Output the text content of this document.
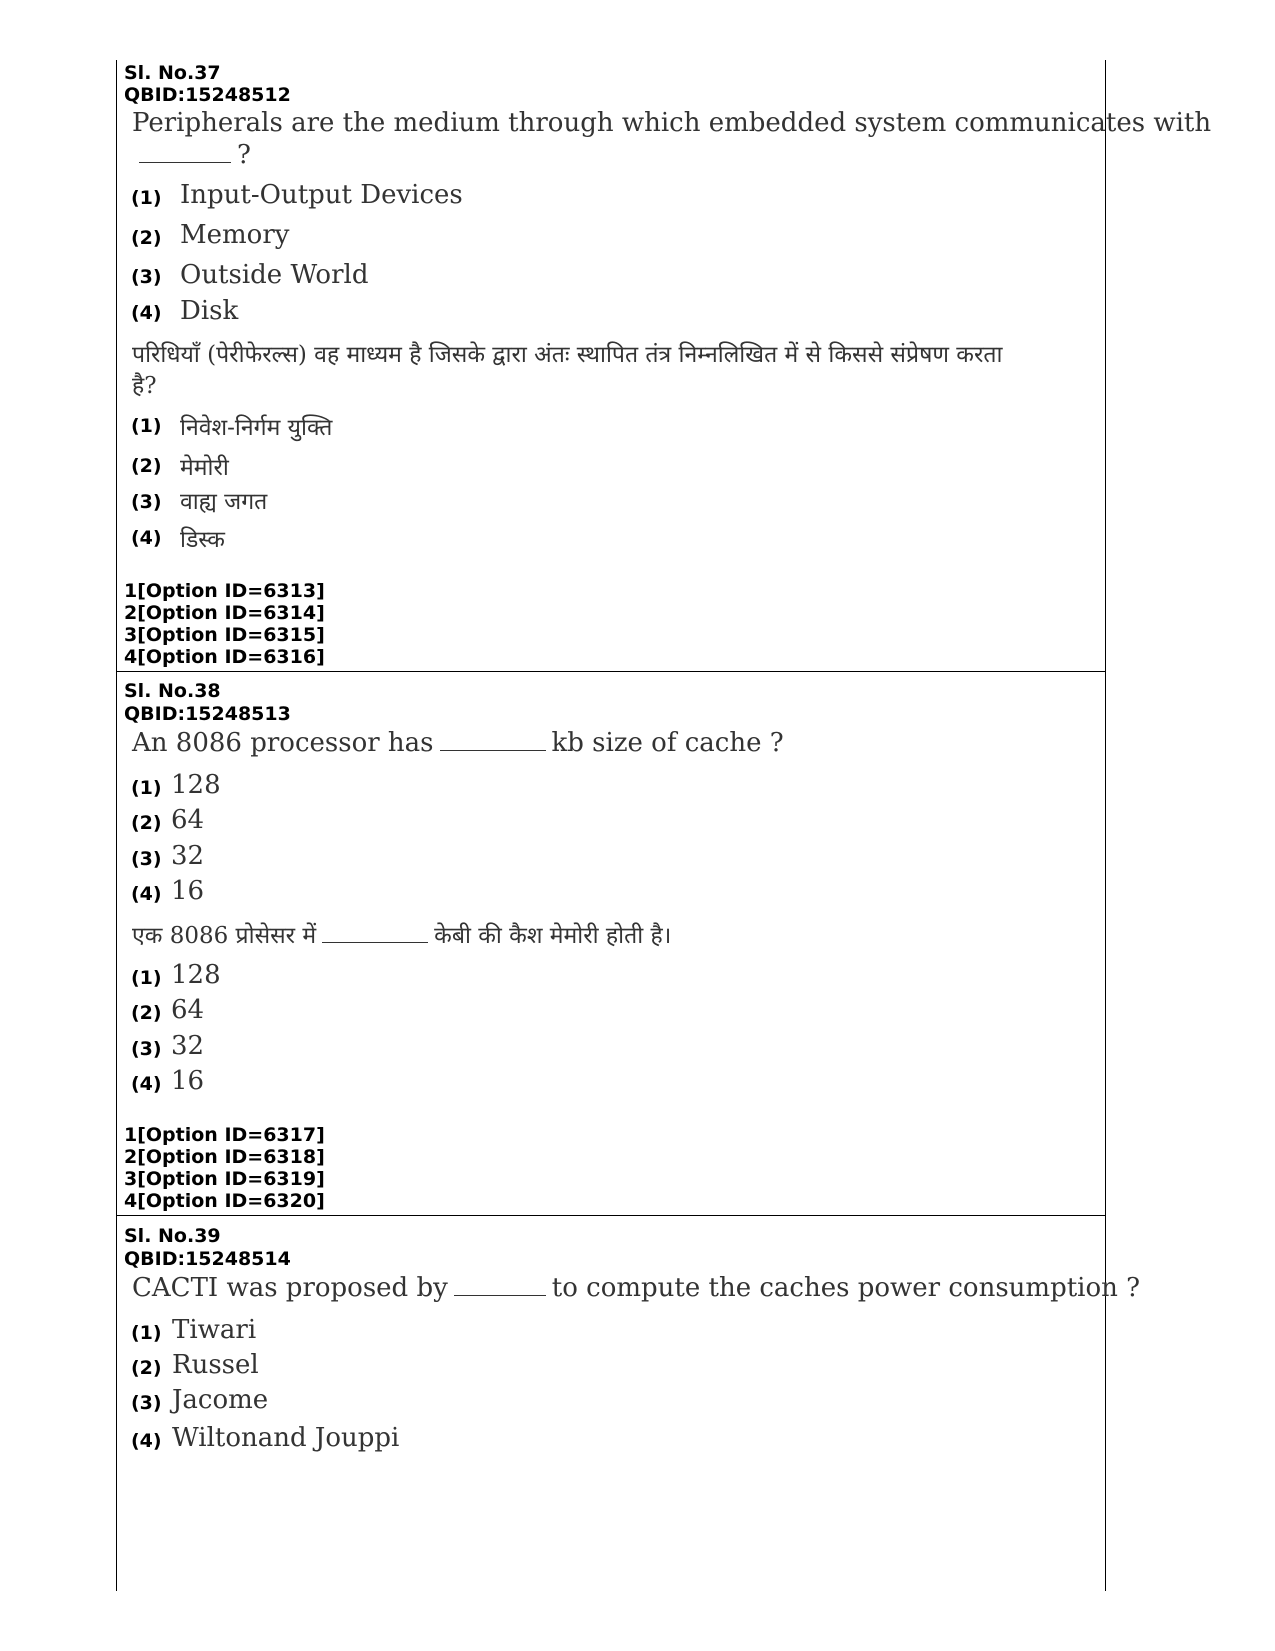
Sl. No.37
QBID:15248512
Peripherals are the medium through which embedded system communicates with
?
(1) Input-Output Devices
(2) Memory
(3) Outside World
(4) Disk
परिधियाँ (पेरीफेरल्स) वह माध्यम है जिसके द्वारा अंतः स्थापित तंत्र निम्नलिखित में से किससे संप्रेषण करता
है?
(1) निवेश-निर्गम युक्ति
(2) मेमोरी
(3) वाह्य जगत
(4) डिस्क
1[Option ID=6313]
2[Option ID=6314]
3[Option ID=6315]
4[Option ID=6316]
Sl. No.38
QBID:15248513
An 8086 processor has	kb size of cache ?
(1) 128
(2) 64
(3) 32
(4) 16
एक 8086 प्रोसेसर में	केबी की कैश मेमोरी होती है।
(1) 128
(2) 64
(3) 32
(4) 16
1[Option ID=6317]
2[Option ID=6318]
3[Option ID=6319]
4[Option ID=6320]
Sl. No.39
QBID:15248514
CACTI was proposed by	to compute the caches power consumption ?
(1) Tiwari
(2) Russel
(3) Jacome
(4) Wiltonand Jouppi
